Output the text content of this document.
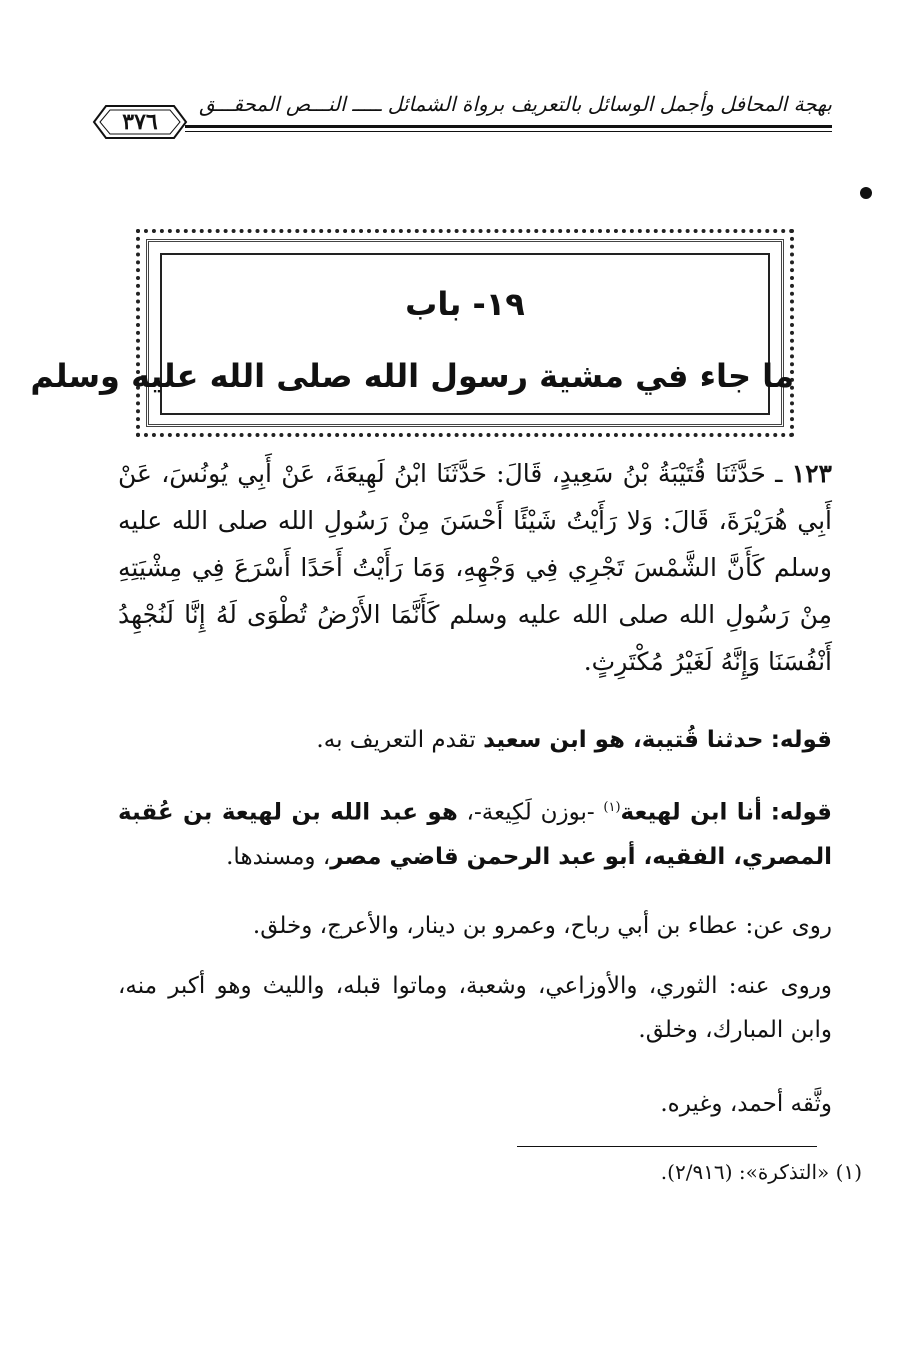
بهجة المحافل وأجمل الوسائل بالتعريف برواة الشمائل ـــــ النـــص المحقـــق
٣٧٦
١٩- باب
ما جاء في مشية رسول الله صلى الله عليه وسلم
١٢٣ ـ حَدَّثَنَا قُتَيْبَةُ بْنُ سَعِيدٍ، قَالَ: حَدَّثَنَا ابْنُ لَهِيعَةَ، عَنْ أَبِي يُونُسَ، عَنْ أَبِي هُرَيْرَةَ، قَالَ: وَلا رَأَيْتُ شَيْئًا أَحْسَنَ مِنْ رَسُولِ الله صلى الله عليه وسلم كَأَنَّ الشَّمْسَ تَجْرِي فِي وَجْهِهِ، وَمَا رَأَيْتُ أَحَدًا أَسْرَعَ فِي مِشْيَتِهِ مِنْ رَسُولِ الله صلى الله عليه وسلم كَأَنَّمَا الأَرْضُ تُطْوَى لَهُ إِنَّا لَنُجْهِدُ أَنْفُسَنَا وَإِنَّهُ لَغَيْرُ مُكْتَرِثٍ.
قوله: حدثنا قُتيبة، هو ابن سعيد تقدم التعريف به.
قوله: أنا ابن لهيعة$^{(١)}$ -بوزن لَكِيعة-، هو عبد الله بن لهيعة بن عُقبة المصري، الفقيه، أبو عبد الرحمن قاضي مصر، ومسندها.
روى عن: عطاء بن أبي رباح، وعمرو بن دينار، والأعرج، وخلق.
وروى عنه: الثوري، والأوزاعي، وشعبة، وماتوا قبله، والليث وهو أكبر منه، وابن المبارك، وخلق.
وثَّقه أحمد، وغيره.
(١) «التذكرة»: (٢/٩١٦).
